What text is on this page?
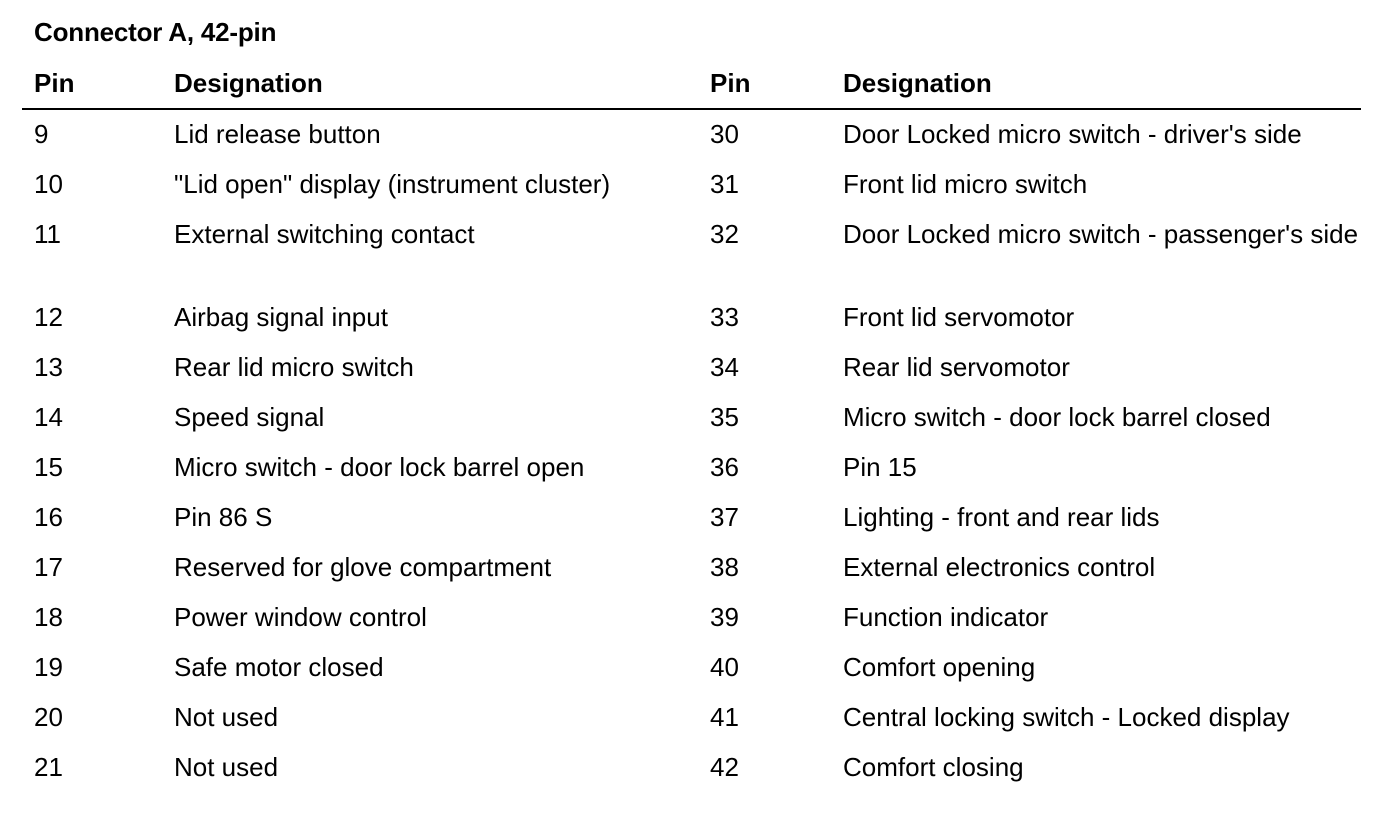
Connector A, 42-pin
Pin	Designation	Pin	Designation
9	Lid release button	30	Door Locked micro switch - driver's side
10	"Lid open" display (instrument cluster)	31	Front lid micro switch
11	External switching contact	32	Door Locked micro switch - passenger's side
12	Airbag signal input	33	Front lid servomotor
13	Rear lid micro switch	34	Rear lid servomotor
14	Speed signal	35	Micro switch - door lock barrel closed
15	Micro switch - door lock barrel open	36	Pin 15
16	Pin 86 S	37	Lighting - front and rear lids
17	Reserved for glove compartment	38	External electronics control
18	Power window control	39	Function indicator
19	Safe motor closed	40	Comfort opening
20	Not used	41	Central locking switch - Locked display
21	Not used	42	Comfort closing
